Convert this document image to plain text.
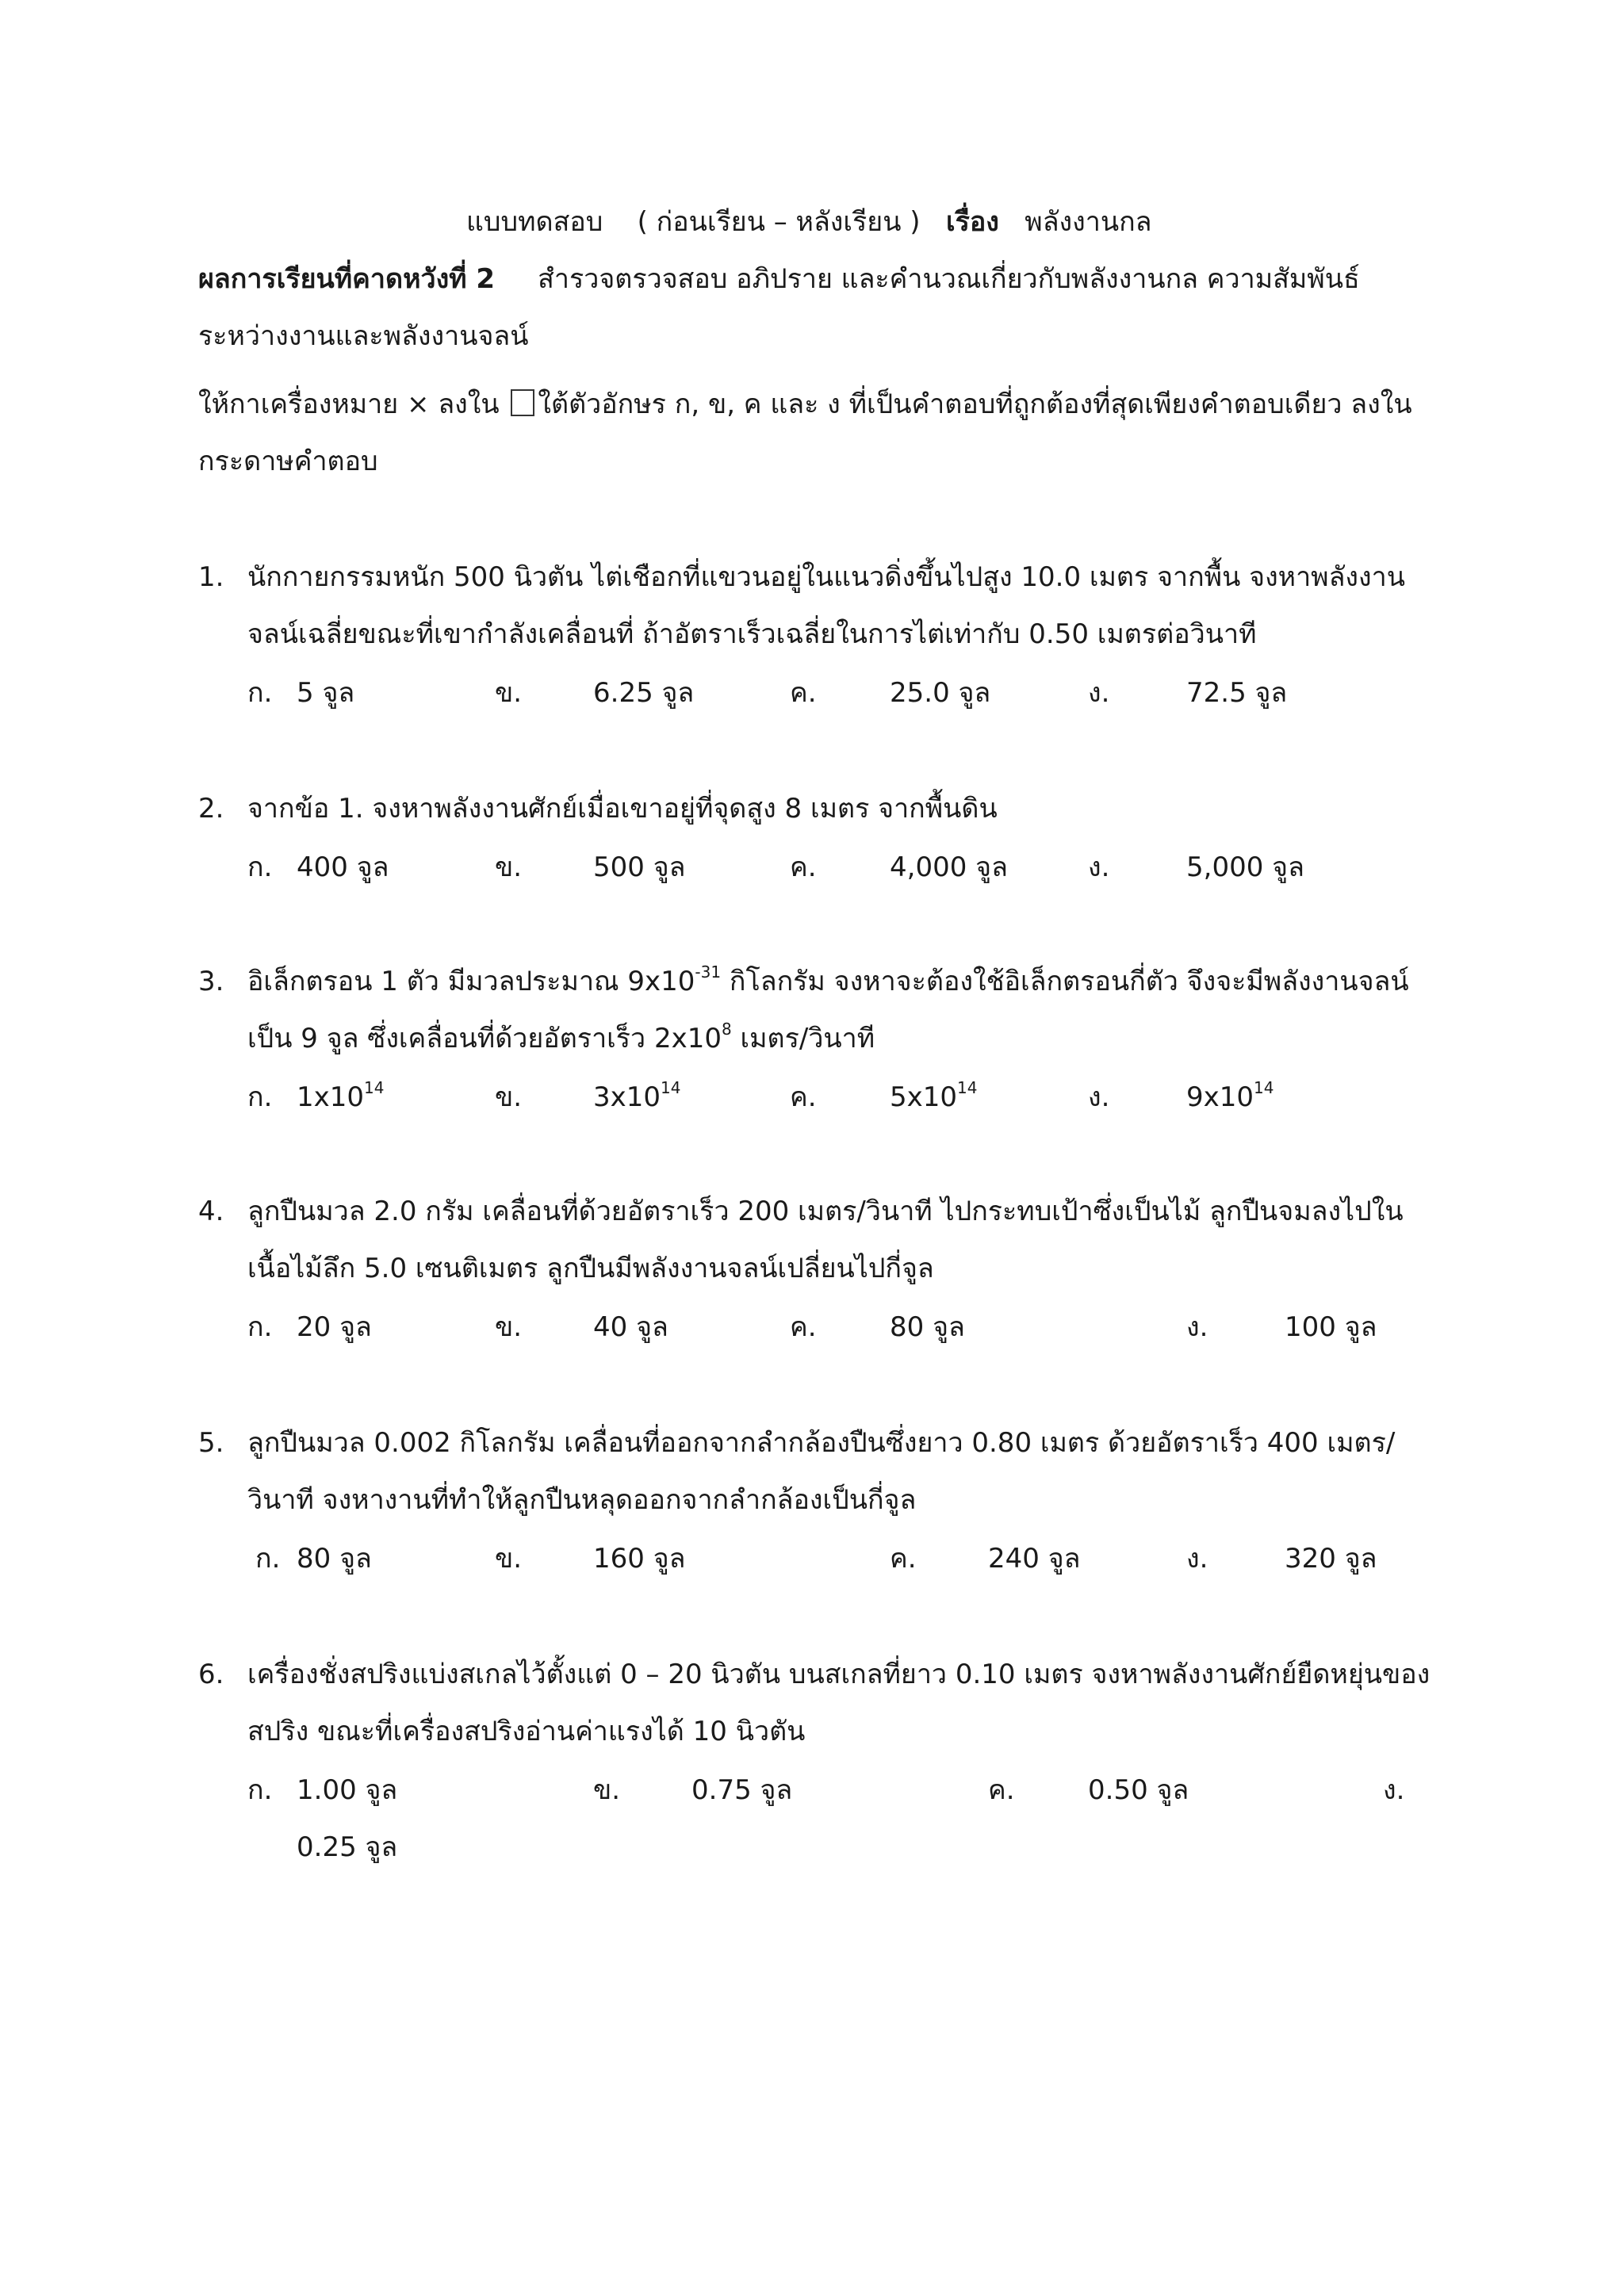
แบบทดสอบ ( ก่อนเรียน – หลังเรียน ) เรื่อง พลังงานกล
ผลการเรียนที่คาดหวังที่ 2 สำรวจตรวจสอบ อภิปราย และคำนวณเกี่ยวกับพลังงานกล ความสัมพันธ์
ระหว่างงานและพลังงานจลน์
ให้กาเครื่องหมาย × ลงใน ใต้ตัวอักษร ก, ข, ค และ ง ที่เป็นคำตอบที่ถูกต้องที่สุดเพียงคำตอบเดียว ลงใน
กระดาษคำตอบ
1. นักกายกรรมหนัก 500 นิวตัน ไต่เชือกที่แขวนอยู่ในแนวดิ่งขึ้นไปสูง 10.0 เมตร จากพื้น จงหาพลังงาน
จลน์เฉลี่ยขณะที่เขากำลังเคลื่อนที่ ถ้าอัตราเร็วเฉลี่ยในการไต่เท่ากับ 0.50 เมตรต่อวินาที
ก. 5 จูล	ข.	6.25 จูล	ค.	25.0 จูล	ง.	72.5 จูล
2. จากข้อ 1. จงหาพลังงานศักย์เมื่อเขาอยู่ที่จุดสูง 8 เมตร จากพื้นดิน
ก. 400 จูล	ข.	500 จูล	ค.	4,000 จูล	ง.	5,000 จูล
3. อิเล็กตรอน 1 ตัว มีมวลประมาณ $9x10^{-31}$ กิโลกรัม จงหาจะต้องใช้อิเล็กตรอนกี่ตัว จึงจะมีพลังงานจลน์
เป็น 9 จูล ซึ่งเคลื่อนที่ด้วยอัตราเร็ว $2x10^8$ เมตร/วินาที
ก. $1x10^{14}$	ข.	$3x10^{14}$	ค.	$5x10^{14}$	ง.	$9x10^{14}$
4. ลูกปืนมวล 2.0 กรัม เคลื่อนที่ด้วยอัตราเร็ว 200 เมตร/วินาที ไปกระทบเป้าซึ่งเป็นไม้ ลูกปืนจมลงไปใน
เนื้อไม้ลึก 5.0 เซนติเมตร ลูกปืนมีพลังงานจลน์เปลี่ยนไปกี่จูล
ก. 20 จูล	ข.	40 จูล	ค.	80 จูล	ง.	100 จูล
5. ลูกปืนมวล 0.002 กิโลกรัม เคลื่อนที่ออกจากลำกล้องปืนซึ่งยาว 0.80 เมตร ด้วยอัตราเร็ว 400 เมตร/
วินาที จงหางานที่ทำให้ลูกปืนหลุดออกจากลำกล้องเป็นกี่จูล
ก. 80 จูล	ข.	160 จูล	ค.	240 จูล	ง.	320 จูล
6. เครื่องชั่งสปริงแบ่งสเกลไว้ตั้งแต่ 0 – 20 นิวตัน บนสเกลที่ยาว 0.10 เมตร จงหาพลังงานศักย์ยืดหยุ่นของ
สปริง ขณะที่เครื่องสปริงอ่านค่าแรงได้ 10 นิวตัน
ก. 1.00 จูล	ข.	0.75 จูล	ค.	0.50 จูล	ง.
0.25 จูล
